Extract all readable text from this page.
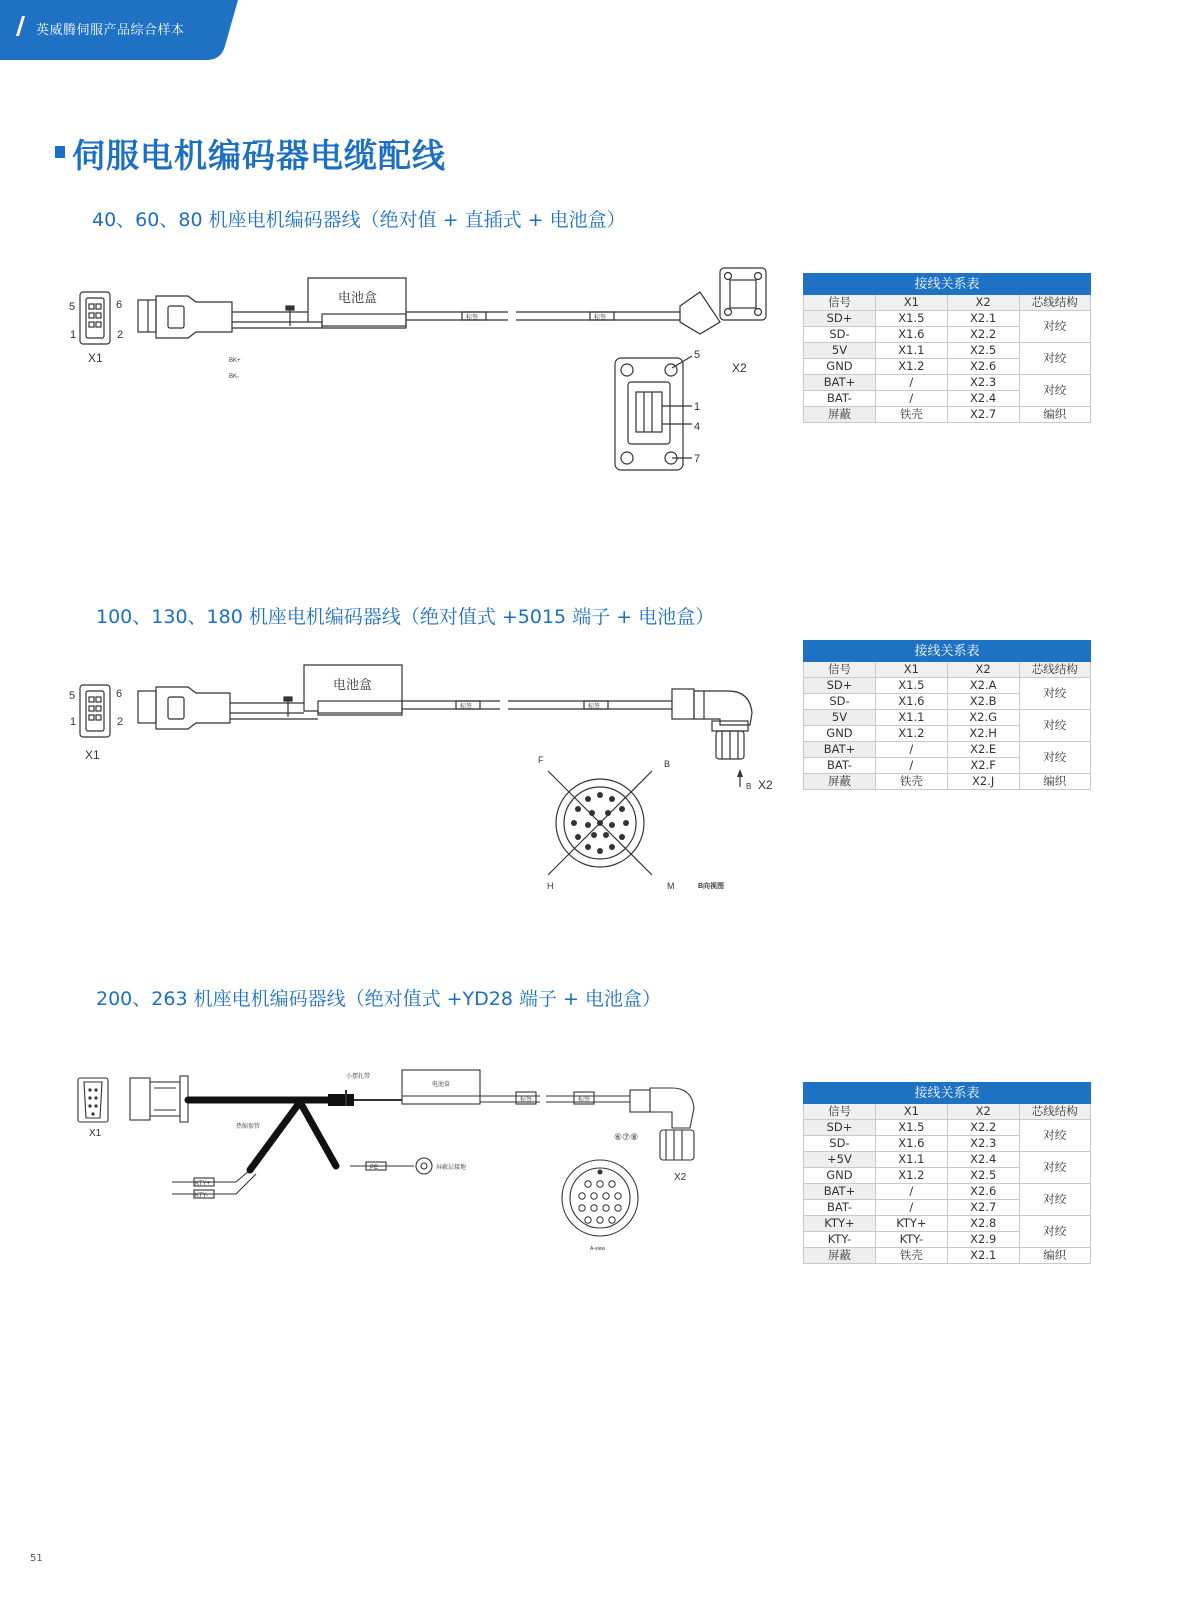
英威腾伺服产品综合样本
伺服电机编码器电缆配线
40、60、80 机座电机编码器线（绝对值 + 直插式 + 电池盒）
5	6
1	2
X1
电池盒
标签	标签
BK+
BK-
5
1
4
7
X2
接线关系表			
信号	X1	X2	芯线结构
SD+	X1.5	X2.1	对绞
SD-	X1.6	X2.2	
5V	X1.1	X2.5	对绞
GND	X1.2	X2.6	
BAT+	/	X2.3	对绞
BAT-	/	X2.4	
屏蔽	铁壳	X2.7	编织
100、130、180 机座电机编码器线（绝对值式 +5015 端子 + 电池盒）
5	6
1	2
X1
电池盒
标签	标签
B X2
F	B
H	M	B向视图
接线关系表			
信号	X1	X2	芯线结构
SD+	X1.5	X2.A	对绞
SD-	X1.6	X2.B	
5V	X1.1	X2.G	对绞
GND	X1.2	X2.H	
BAT+	/	X2.E	对绞
BAT-	/	X2.F	
屏蔽	铁壳	X2.J	编织
200、263 机座电机编码器线（绝对值式 +YD28 端子 + 电池盒）
X1
电池盒
小摆扎带
标签	标签
热缩套管
KTY+
KTY-
PE	屏蔽层接地
⑥⑦⑧
X2
A-view
接线关系表			
信号	X1	X2	芯线结构
SD+	X1.5	X2.2	对绞
SD-	X1.6	X2.3	
+5V	X1.1	X2.4	对绞
GND	X1.2	X2.5	
BAT+	/	X2.6	对绞
BAT-	/	X2.7	
KTY+	KTY+	X2.8	对绞
KTY-	KTY-	X2.9	
屏蔽	铁壳	X2.1	编织
51
